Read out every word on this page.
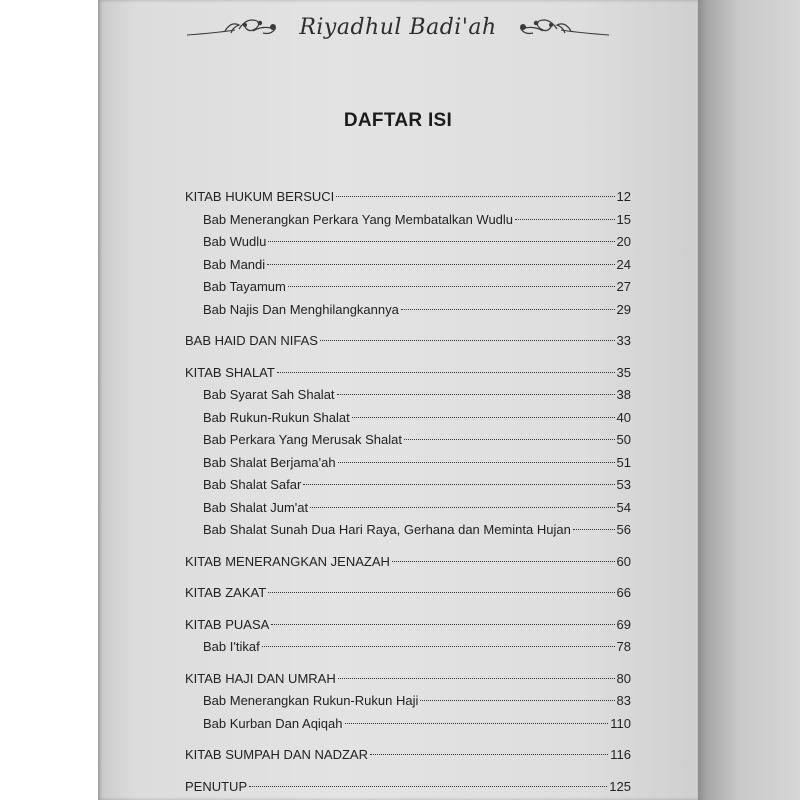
Riyadhul Badi'ah
DAFTAR ISI
KITAB HUKUM BERSUCI	12
Bab Menerangkan Perkara Yang Membatalkan Wudlu	15
Bab Wudlu	20
Bab Mandi	24
Bab Tayamum	27
Bab Najis Dan Menghilangkannya	29
BAB HAID DAN NIFAS	33
KITAB SHALAT	35
Bab Syarat Sah Shalat	38
Bab Rukun-Rukun Shalat	40
Bab Perkara Yang Merusak Shalat	50
Bab Shalat Berjama'ah	51
Bab Shalat Safar	53
Bab Shalat Jum'at	54
Bab Shalat Sunah Dua Hari Raya, Gerhana dan Meminta Hujan	56
KITAB MENERANGKAN JENAZAH	60
KITAB ZAKAT	66
KITAB PUASA	69
Bab I'tikaf	78
KITAB HAJI DAN UMRAH	80
Bab Menerangkan Rukun-Rukun Haji	83
Bab Kurban Dan Aqiqah	110
KITAB SUMPAH DAN NADZAR	116
PENUTUP	125
